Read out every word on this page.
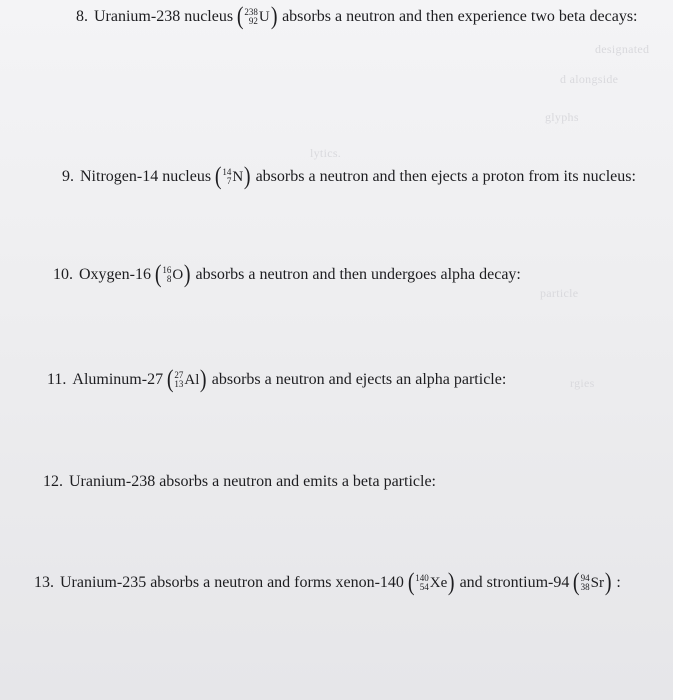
designated
d alongside
glyphs
lytics.
particle
rgies
8. Uranium-238 nucleus ( 238
92 U ) absorbs a neutron and then experience two beta decays:
9. Nitrogen-14 nucleus ( 14
7 N ) absorbs a neutron and then ejects a proton from its nucleus:
10. Oxygen-16 ( 16
8 O ) absorbs a neutron and then undergoes alpha decay:
11. Aluminum-27 ( 27
13 Al ) absorbs a neutron and ejects an alpha particle:
12. Uranium-238 absorbs a neutron and emits a beta particle:
13. Uranium-235 absorbs a neutron and forms xenon-140 ( 140
54 Xe ) and strontium-94 ( 94
38 Sr ) :
